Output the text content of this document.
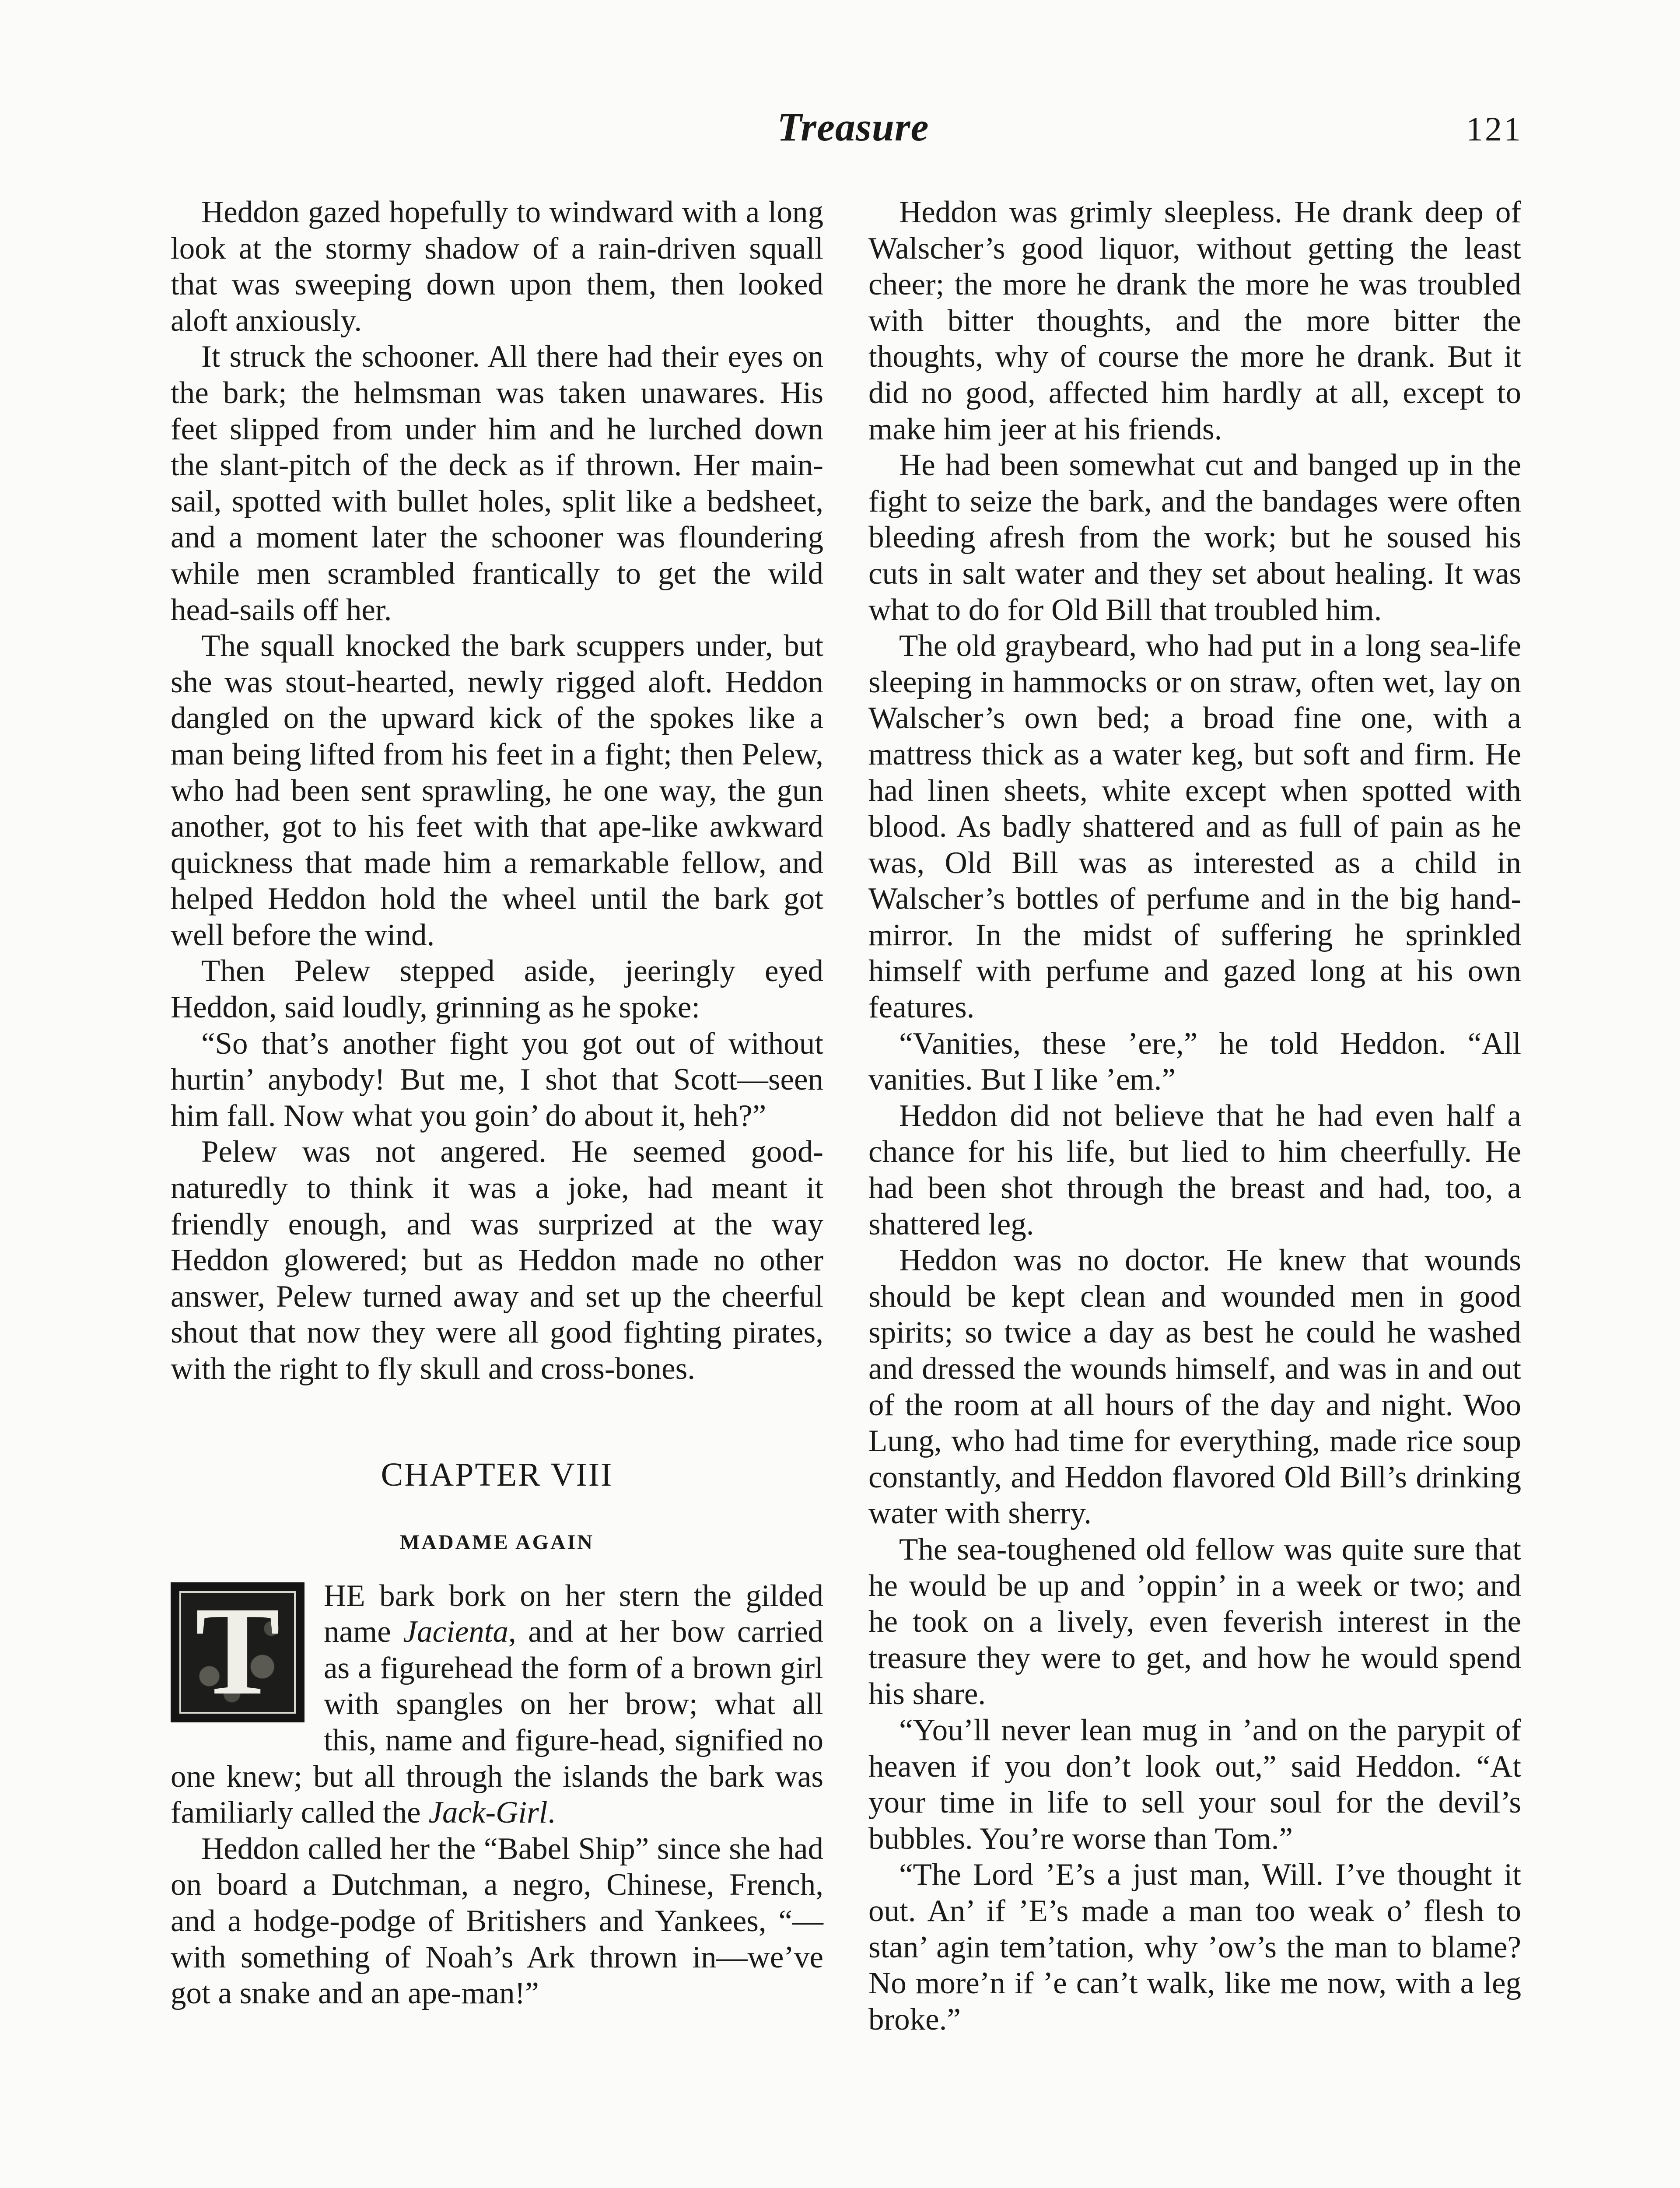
Treasure	121

Heddon gazed hopefully to windward with a long look at the stormy shadow of a rain-driven squall that was sweeping down upon them, then looked aloft anxiously.

It struck the schooner. All there had their eyes on the bark; the helmsman was taken unawares. His feet slipped from under him and he lurched down the slant-pitch of the deck as if thrown. Her main-sail, spotted with bullet holes, split like a bedsheet, and a moment later the schooner was floundering while men scrambled frantically to get the wild head-sails off her.

The squall knocked the bark scuppers under, but she was stout-hearted, newly rigged aloft. Heddon dangled on the upward kick of the spokes like a man being lifted from his feet in a fight; then Pelew, who had been sent sprawling, he one way, the gun another, got to his feet with that ape-like awkward quickness that made him a remarkable fellow, and helped Heddon hold the wheel until the bark got well before the wind.

Then Pelew stepped aside, jeeringly eyed Heddon, said loudly, grinning as he spoke:

“So that’s another fight you got out of without hurtin’ anybody! But me, I shot that Scott—seen him fall. Now what you goin’ do about it, heh?”

Pelew was not angered. He seemed good-naturedly to think it was a joke, had meant it friendly enough, and was surprized at the way Heddon glowered; but as Heddon made no other answer, Pelew turned away and set up the cheerful shout that now they were all good fighting pirates, with the right to fly skull and cross-bones.

CHAPTER VIII
MADAME AGAIN

T	HE bark bork on her stern the gilded name Jacienta, and at her bow carried as a figurehead the form of a brown girl with spangles on her brow; what all this, name and figure-head, signified no one knew; but all through the islands the bark was familiarly called the Jack-Girl.

Heddon called her the “Babel Ship” since she had on board a Dutchman, a negro, Chinese, French, and a hodge-podge of Britishers and Yankees, “—with something of Noah’s Ark thrown in—we’ve got a snake and an ape-man!”

Heddon was grimly sleepless. He drank deep of Walscher’s good liquor, without getting the least cheer; the more he drank the more he was troubled with bitter thoughts, and the more bitter the thoughts, why of course the more he drank. But it did no good, affected him hardly at all, except to make him jeer at his friends.

He had been somewhat cut and banged up in the fight to seize the bark, and the bandages were often bleeding afresh from the work; but he soused his cuts in salt water and they set about healing. It was what to do for Old Bill that troubled him.

The old graybeard, who had put in a long sea-life sleeping in hammocks or on straw, often wet, lay on Walscher’s own bed; a broad fine one, with a mattress thick as a water keg, but soft and firm. He had linen sheets, white except when spotted with blood. As badly shattered and as full of pain as he was, Old Bill was as interested as a child in Walscher’s bottles of perfume and in the big hand-mirror. In the midst of suffering he sprinkled himself with perfume and gazed long at his own features.

“Vanities, these ’ere,” he told Heddon. “All vanities. But I like ’em.”

Heddon did not believe that he had even half a chance for his life, but lied to him cheerfully. He had been shot through the breast and had, too, a shattered leg.

Heddon was no doctor. He knew that wounds should be kept clean and wounded men in good spirits; so twice a day as best he could he washed and dressed the wounds himself, and was in and out of the room at all hours of the day and night. Woo Lung, who had time for everything, made rice soup constantly, and Heddon flavored Old Bill’s drinking water with sherry.

The sea-toughened old fellow was quite sure that he would be up and ’oppin’ in a week or two; and he took on a lively, even feverish interest in the treasure they were to get, and how he would spend his share.

“You’ll never lean mug in ’and on the parypit of heaven if you don’t look out,” said Heddon. “At your time in life to sell your soul for the devil’s bubbles. You’re worse than Tom.”

“The Lord ’E’s a just man, Will. I’ve thought it out. An’ if ’E’s made a man too weak o’ flesh to stan’ agin tem’tation, why ’ow’s the man to blame? No more’n if ’e can’t walk, like me now, with a leg broke.”
